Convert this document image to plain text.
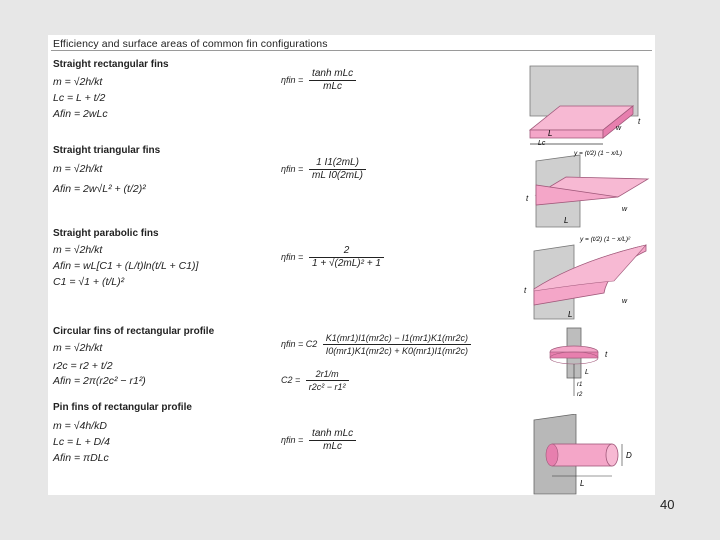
Efficiency and surface areas of common fin configurations
Straight rectangular fins
m = √2h/kt
Lc = L + t/2
Afin = 2wLc
$\eta fin = \frac{\text{tanh mLc}}{\text{mLc}}$
t
L
Lc
w
Straight triangular fins
m = √2h/kt
Afin = 2w√L² + (t/2)²
$\eta fin = \frac{1 I1(2mL)}{\text{mL I0(2mL)}}$
y = (t/2) (1 − x/L)
t
L
w
Straight parabolic fins
m = √2h/kt
Afin = wL[C1 + (L/t)ln(t/L + C1)]
C1 = √1 + (t/L)²
$\eta fin = \frac{2}{\text{1 + √(2mL)² + 1}}$
y = (t/2) (1 − x/L)²
t
L
w
Circular fins of rectangular profile
m = √2h/kt
r2c = r2 + t/2
Afin = 2π(r2c² − r1²)
$\eta fin = C2 \frac{K1(mr1)I1(mr2c) - I1(mr1)K1(mr2c)}{I0(mr1)K1(mr2c) + K0(mr1)I1(mr2c)}$
$C2 = \frac{2r1/m}{\text{r2c² − r1²}}$
t
L
r1
r2
Pin fins of rectangular profile
m = √4h/kD
Lc = L + D/4
Afin = πDLc
$\eta fin = \frac{\text{tanh mLc}}{\text{mLc}}$
D
L
40
